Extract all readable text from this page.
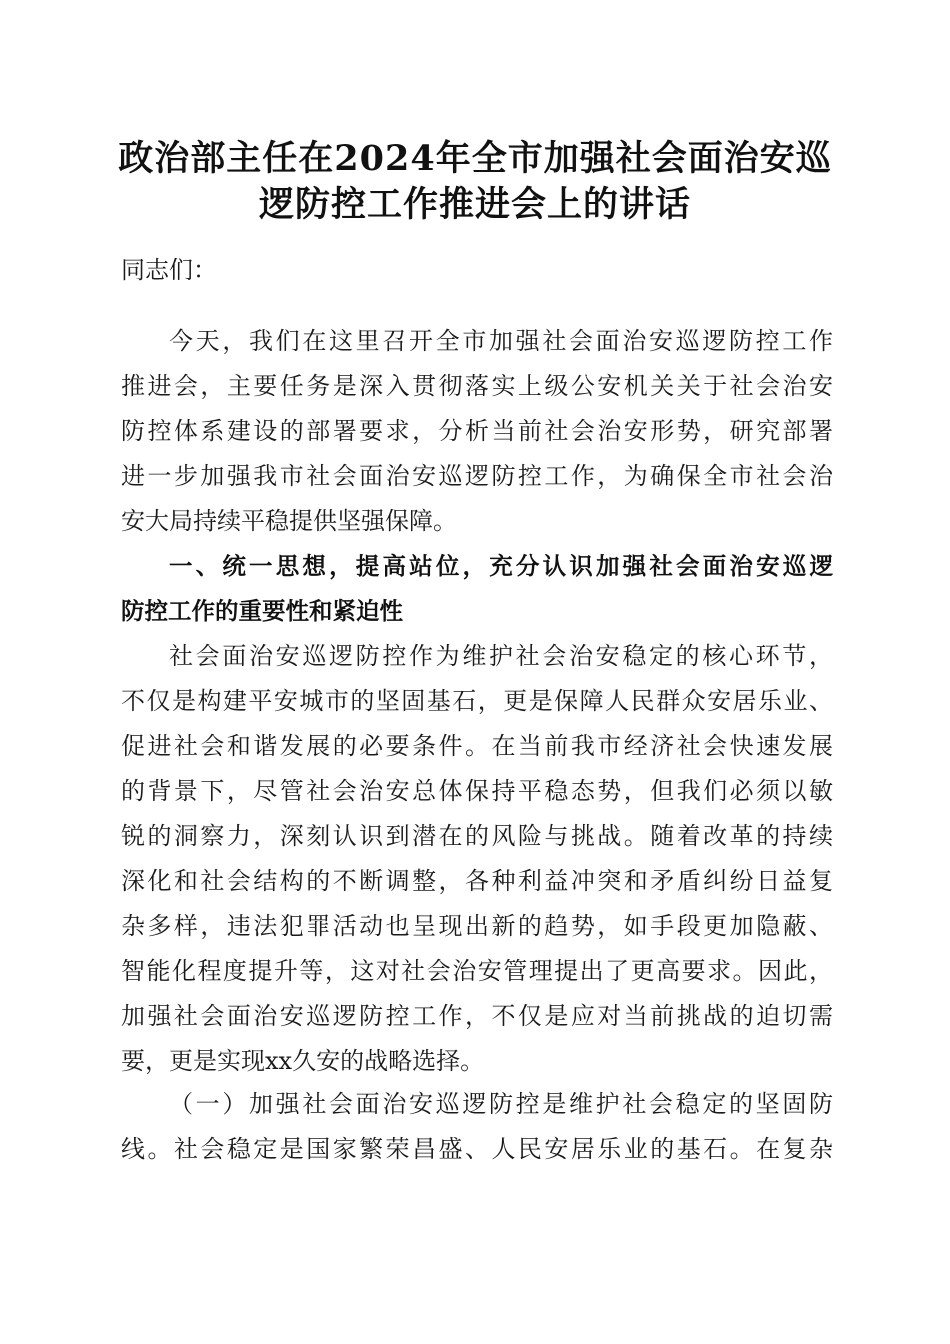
政治部主任在2024年全市加强社会面治安巡
逻防控工作推进会上的讲话
同志们：
今天，我们在这里召开全市加强社会面治安巡逻防控工作
推进会，主要任务是深入贯彻落实上级公安机关关于社会治安
防控体系建设的部署要求，分析当前社会治安形势，研究部署
进一步加强我市社会面治安巡逻防控工作，为确保全市社会治
安大局持续平稳提供坚强保障。
一、统一思想，提高站位，充分认识加强社会面治安巡逻
防控工作的重要性和紧迫性
社会面治安巡逻防控作为维护社会治安稳定的核心环节，
不仅是构建平安城市的坚固基石，更是保障人民群众安居乐业、
促进社会和谐发展的必要条件。在当前我市经济社会快速发展
的背景下，尽管社会治安总体保持平稳态势，但我们必须以敏
锐的洞察力，深刻认识到潜在的风险与挑战。随着改革的持续
深化和社会结构的不断调整，各种利益冲突和矛盾纠纷日益复
杂多样，违法犯罪活动也呈现出新的趋势，如手段更加隐蔽、
智能化程度提升等，这对社会治安管理提出了更高要求。因此，
加强社会面治安巡逻防控工作，不仅是应对当前挑战的迫切需
要，更是实现xx久安的战略选择。
（一）加强社会面治安巡逻防控是维护社会稳定的坚固防
线。社会稳定是国家繁荣昌盛、人民安居乐业的基石。在复杂
